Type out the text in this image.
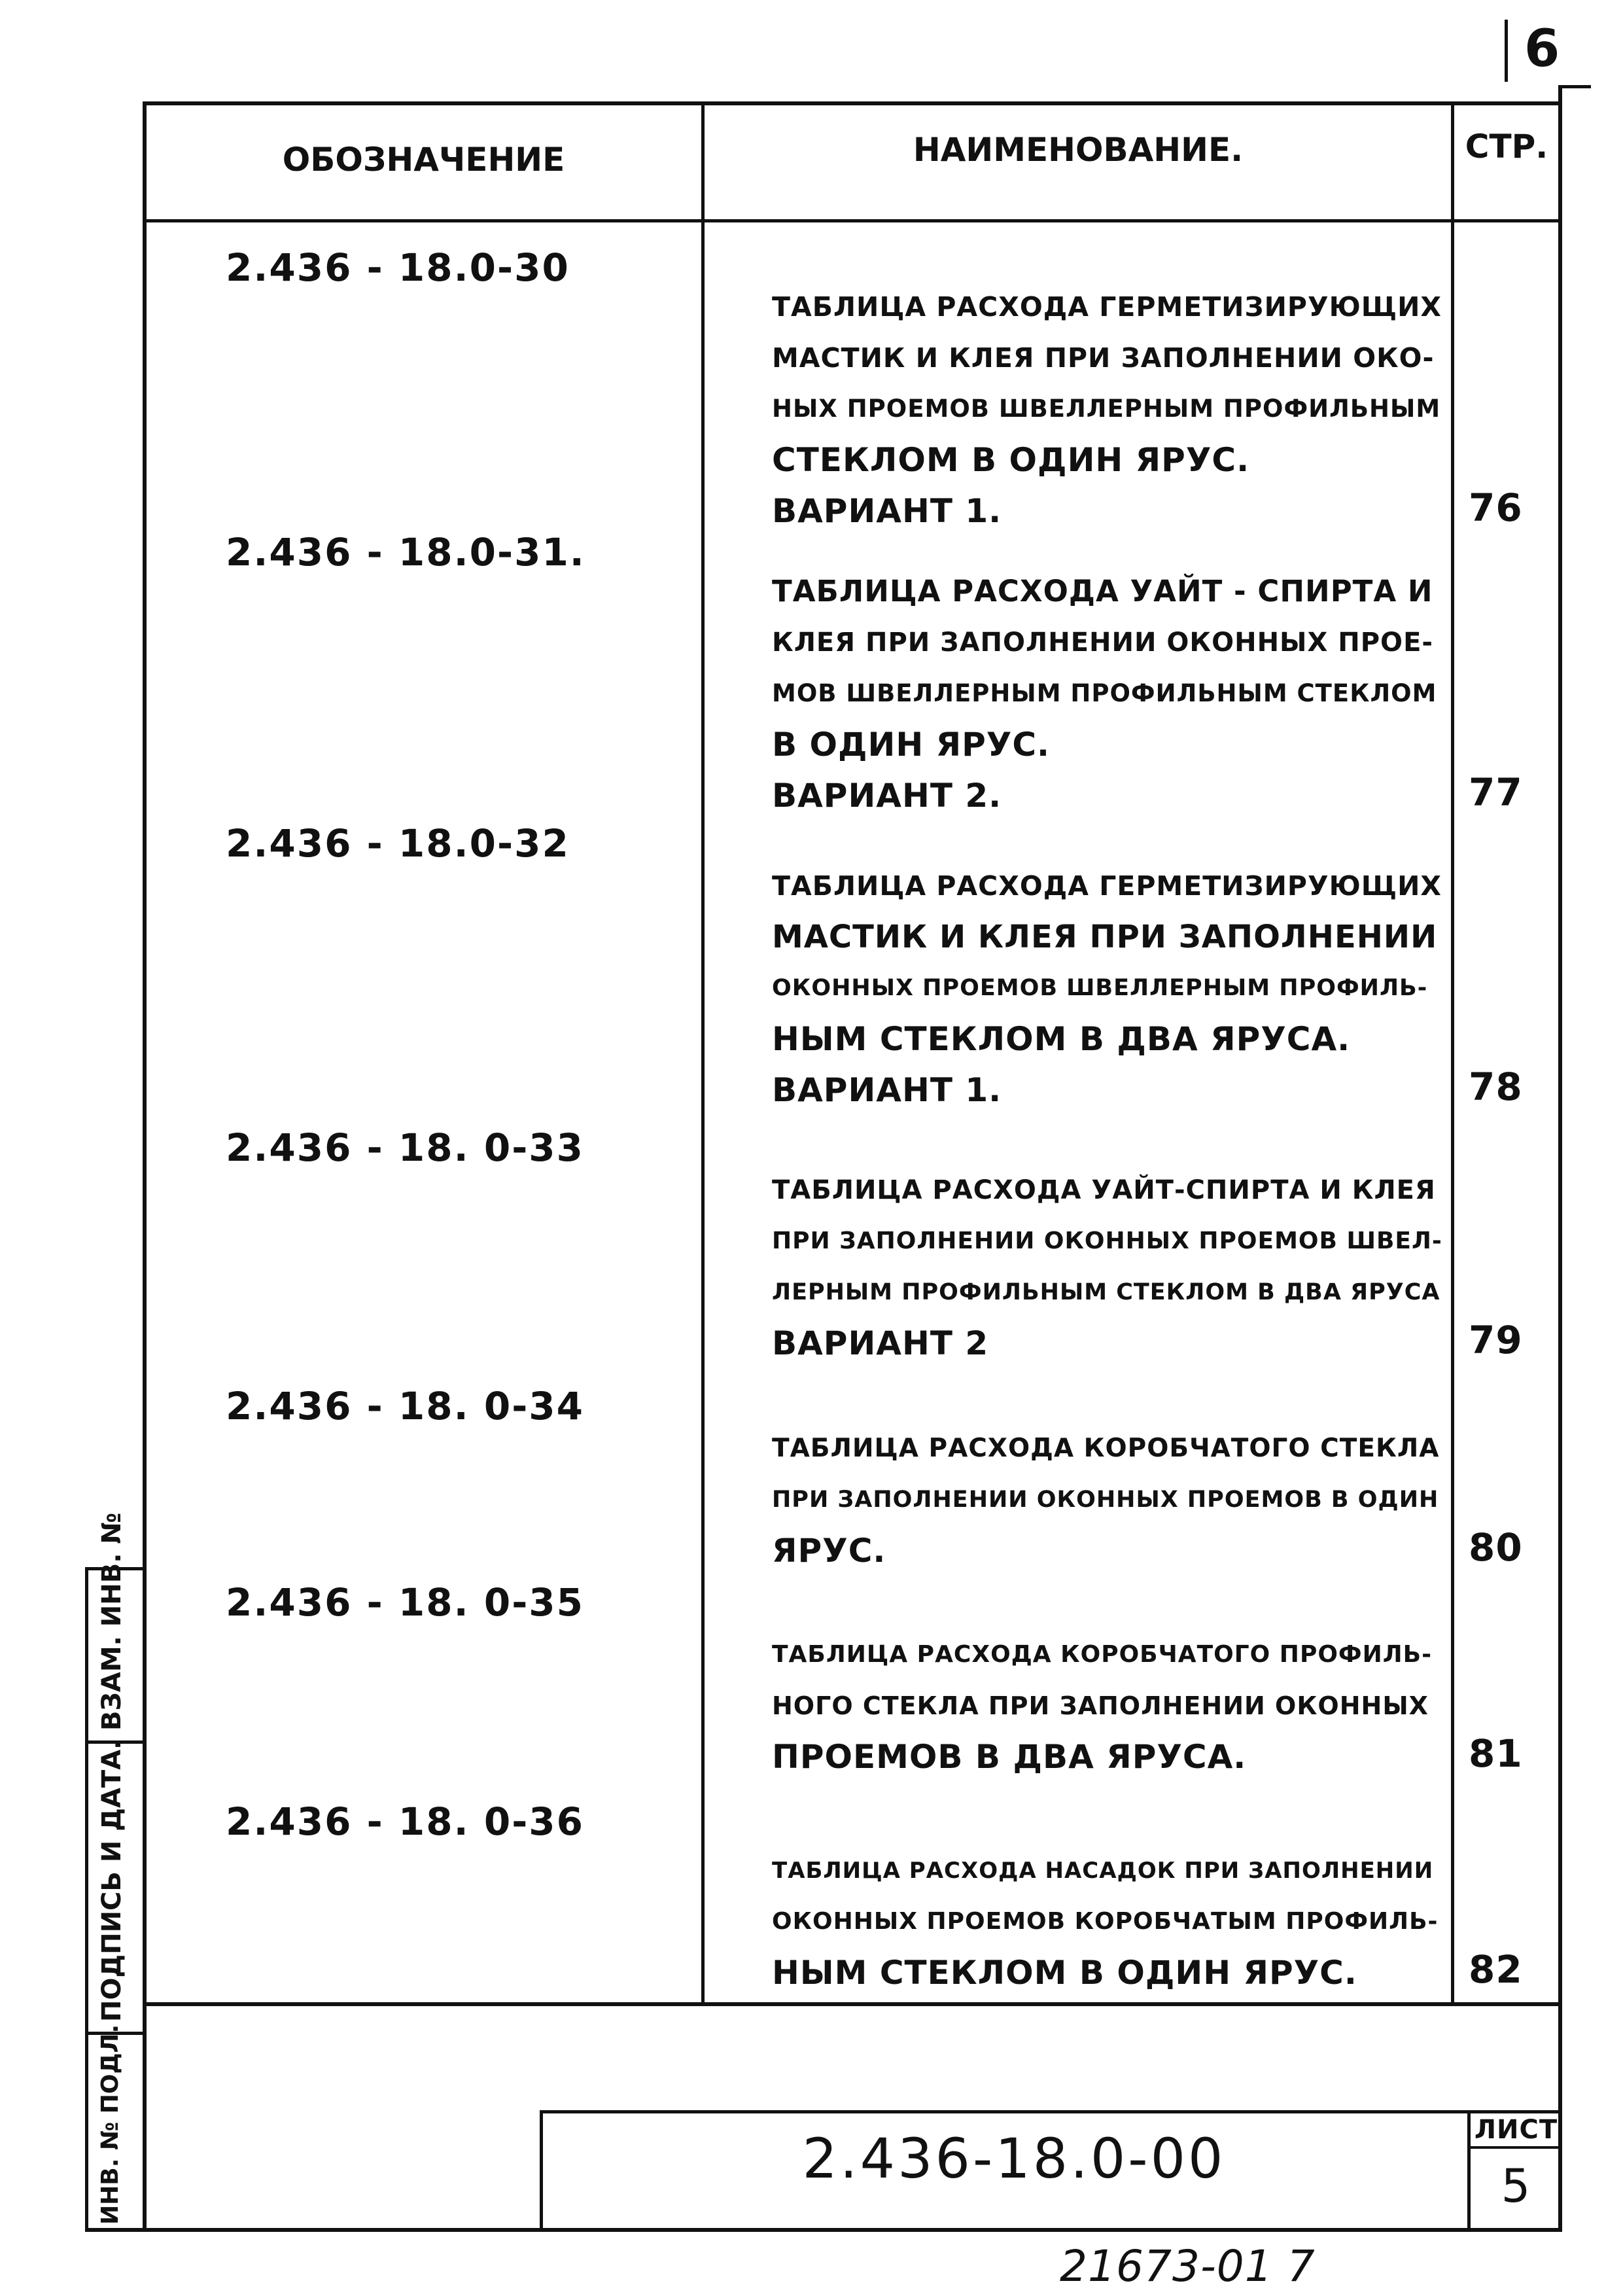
6
ОБОЗНАЧЕНИЕ	НАИМЕНОВАНИЕ.	СТР.
2.436 - 18.0-30
ТАБЛИЦА РАСХОДА ГЕРМЕТИЗИРУЮЩИХ
МАСТИК И КЛЕЯ ПРИ ЗАПОЛНЕНИИ ОКО-
НЫХ ПРОЕМОВ ШВЕЛЛЕРНЫМ ПРОФИЛЬНЫМ
СТЕКЛОМ В ОДИН ЯРУС.
ВАРИАНТ 1.	76
2.436 - 18.0-31.
ТАБЛИЦА РАСХОДА УАЙТ - СПИРТА И
КЛЕЯ ПРИ ЗАПОЛНЕНИИ ОКОННЫХ ПРОЕ-
МОВ ШВЕЛЛЕРНЫМ ПРОФИЛЬНЫМ СТЕКЛОМ
В ОДИН ЯРУС.
ВАРИАНТ 2.	77
2.436 - 18.0-32
ТАБЛИЦА РАСХОДА ГЕРМЕТИЗИРУЮЩИХ
МАСТИК И КЛЕЯ ПРИ ЗАПОЛНЕНИИ
ОКОННЫХ ПРОЕМОВ ШВЕЛЛЕРНЫМ ПРОФИЛЬ-
НЫМ СТЕКЛОМ В ДВА ЯРУСА.
ВАРИАНТ 1.	78
2.436 - 18. 0-33
ТАБЛИЦА РАСХОДА УАЙТ-СПИРТА И КЛЕЯ
ПРИ ЗАПОЛНЕНИИ ОКОННЫХ ПРОЕМОВ ШВЕЛ-
ЛЕРНЫМ ПРОФИЛЬНЫМ СТЕКЛОМ В ДВА ЯРУСА
ВАРИАНТ 2	79
2.436 - 18. 0-34
ТАБЛИЦА РАСХОДА КОРОБЧАТОГО СТЕКЛА
ПРИ ЗАПОЛНЕНИИ ОКОННЫХ ПРОЕМОВ В ОДИН
ЯРУС.	80
2.436 - 18. 0-35
ТАБЛИЦА РАСХОДА КОРОБЧАТОГО ПРОФИЛЬ-
НОГО СТЕКЛА ПРИ ЗАПОЛНЕНИИ ОКОННЫХ
ПРОЕМОВ В ДВА ЯРУСА.	81
2.436 - 18. 0-36
ТАБЛИЦА РАСХОДА НАСАДОК ПРИ ЗАПОЛНЕНИИ
ОКОННЫХ ПРОЕМОВ КОРОБЧАТЫМ ПРОФИЛЬ-
НЫМ СТЕКЛОМ В ОДИН ЯРУС.	82
2.436-18.0-00	ЛИСТ
5
ВЗАМ. ИНВ. №
ПОДПИСЬ И ДАТА.
ИНВ. № ПОДЛ.
21673-01 7
